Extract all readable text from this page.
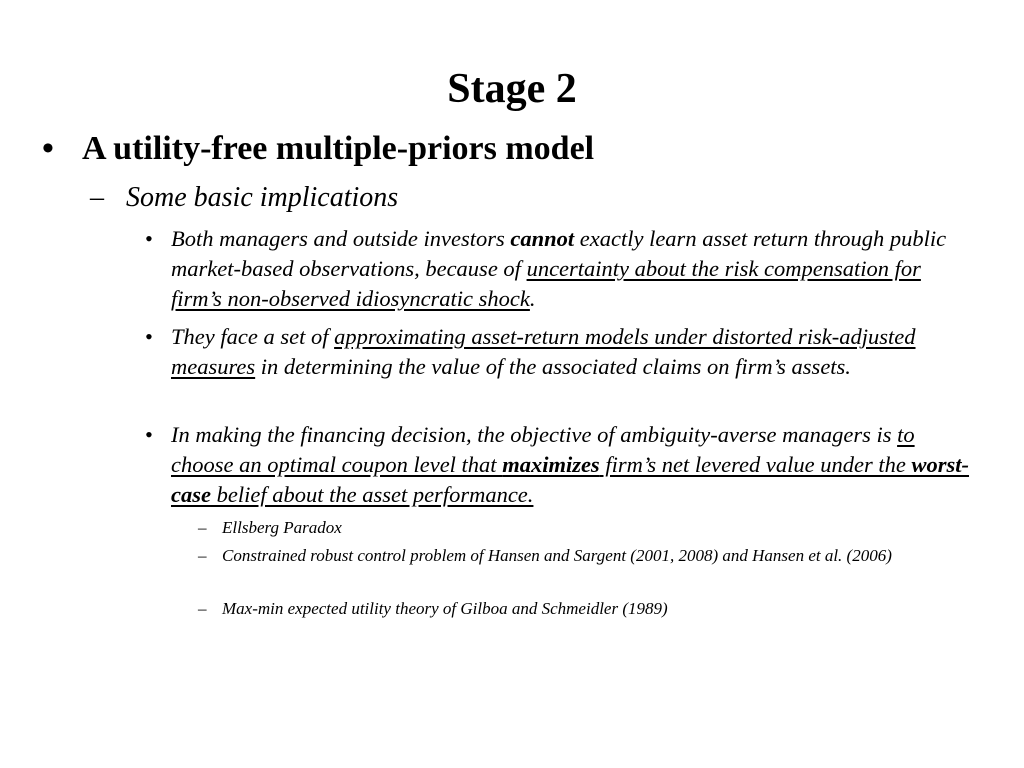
Stage 2
• A utility-free multiple-priors model
– Some basic implications
• Both managers and outside investors cannot exactly learn asset return through public market-based observations, because of uncertainty about the risk compensation for firm’s non-observed idiosyncratic shock.
• They face a set of approximating asset-return models under distorted risk-adjusted measures in determining the value of the associated claims on firm’s assets.
• In making the financing decision, the objective of ambiguity-averse managers is to choose an optimal coupon level that maximizes firm’s net levered value under the worst-case belief about the asset performance.
– Ellsberg Paradox
– Constrained robust control problem of Hansen and Sargent (2001, 2008) and Hansen et al. (2006)
– Max-min expected utility theory of Gilboa and Schmeidler (1989)
